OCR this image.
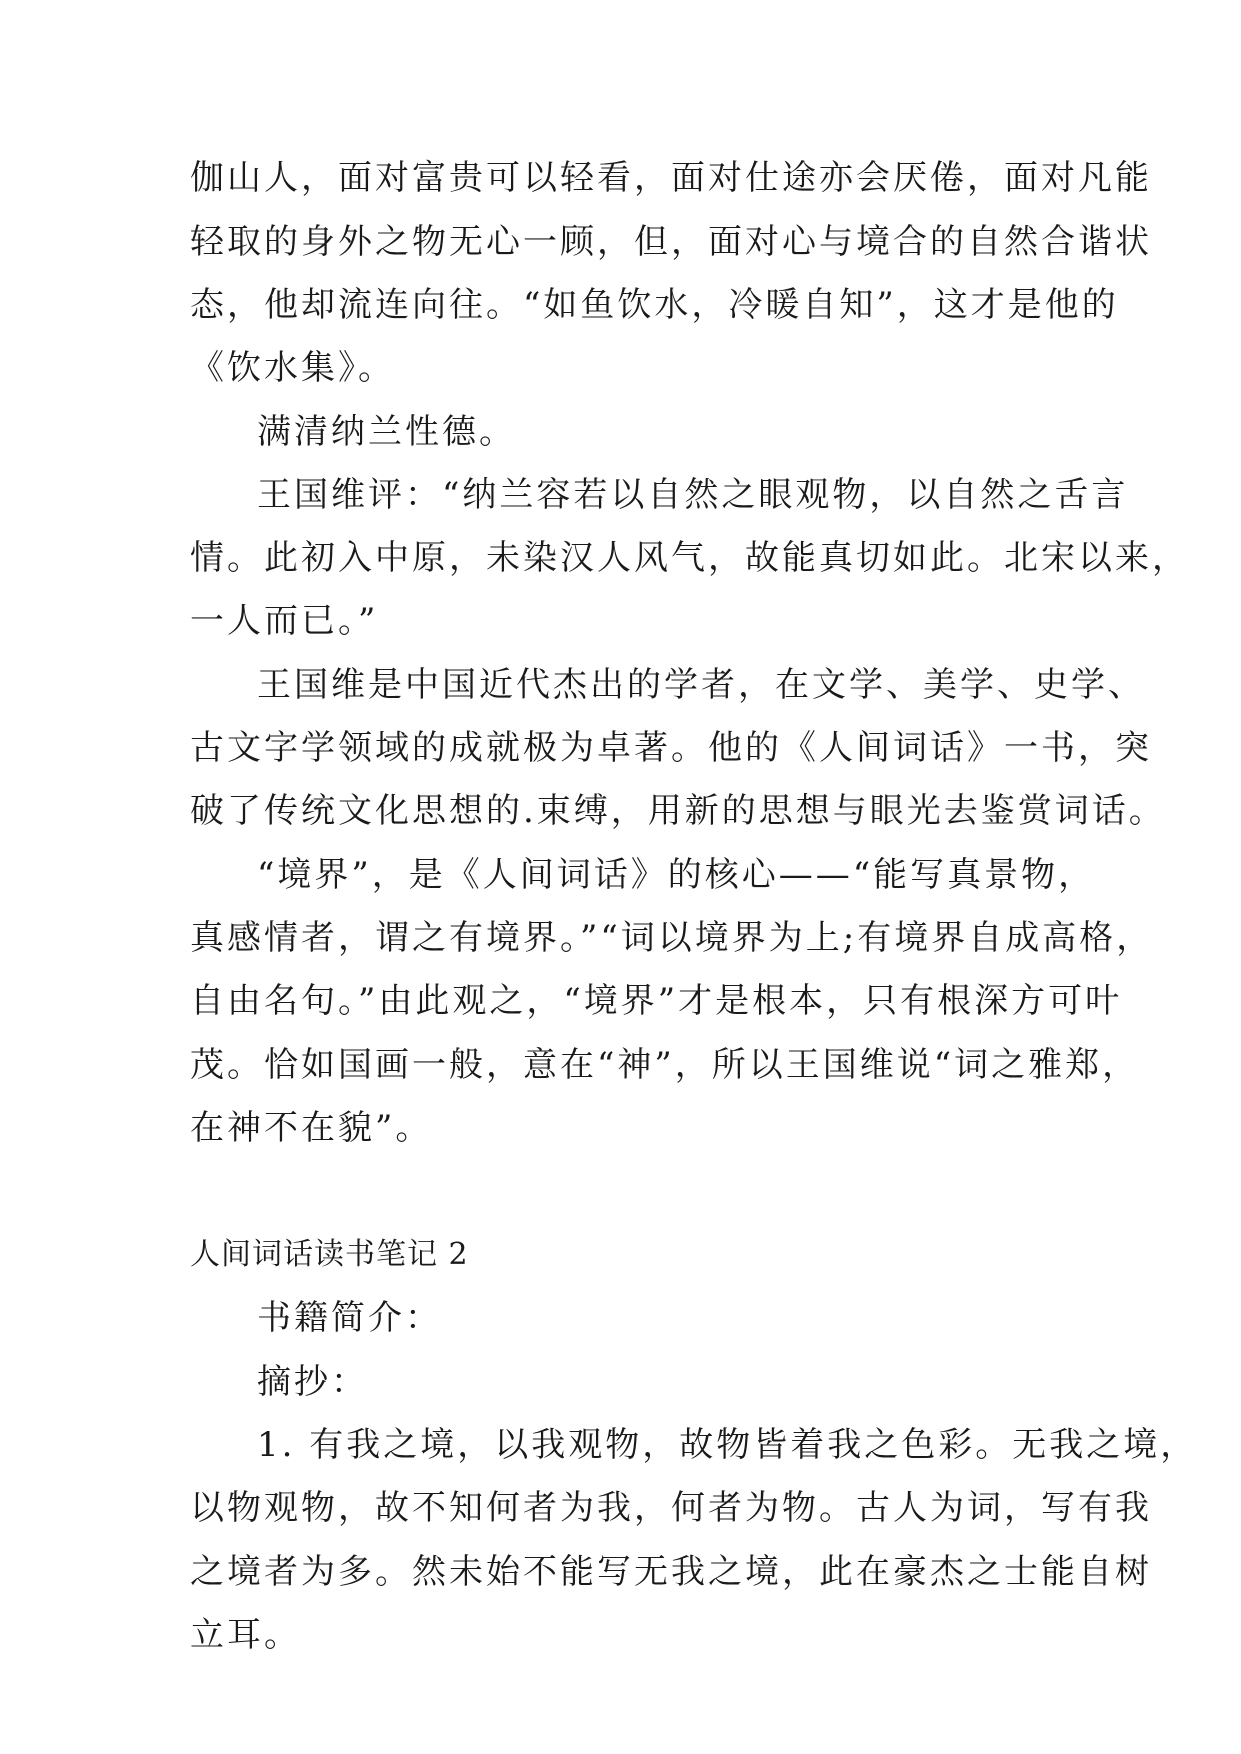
伽山人，面对富贵可以轻看，面对仕途亦会厌倦，面对凡能
轻取的身外之物无心一顾，但，面对心与境合的自然合谐状
态，他却流连向往。“如鱼饮水，冷暖自知”，这才是他的
《饮水集》。
满清纳兰性德。
王国维评：“纳兰容若以自然之眼观物，以自然之舌言
情。此初入中原，未染汉人风气，故能真切如此。北宋以来，
一人而已。”
王国维是中国近代杰出的学者，在文学、美学、史学、
古文字学领域的成就极为卓著。他的《人间词话》一书，突
破了传统文化思想的.束缚，用新的思想与眼光去鉴赏词话。
“境界”，是《人间词话》的核心——“能写真景物，
真感情者，谓之有境界。”“词以境界为上;有境界自成高格，
自由名句。”由此观之，“境界”才是根本，只有根深方可叶
茂。恰如国画一般，意在“神”，所以王国维说“词之雅郑，
在神不在貌”。
人间词话读书笔记 2
书籍简介：
摘抄：
1. 有我之境，以我观物，故物皆着我之色彩。无我之境，
以物观物，故不知何者为我，何者为物。古人为词，写有我
之境者为多。然未始不能写无我之境，此在豪杰之士能自树
立耳。
